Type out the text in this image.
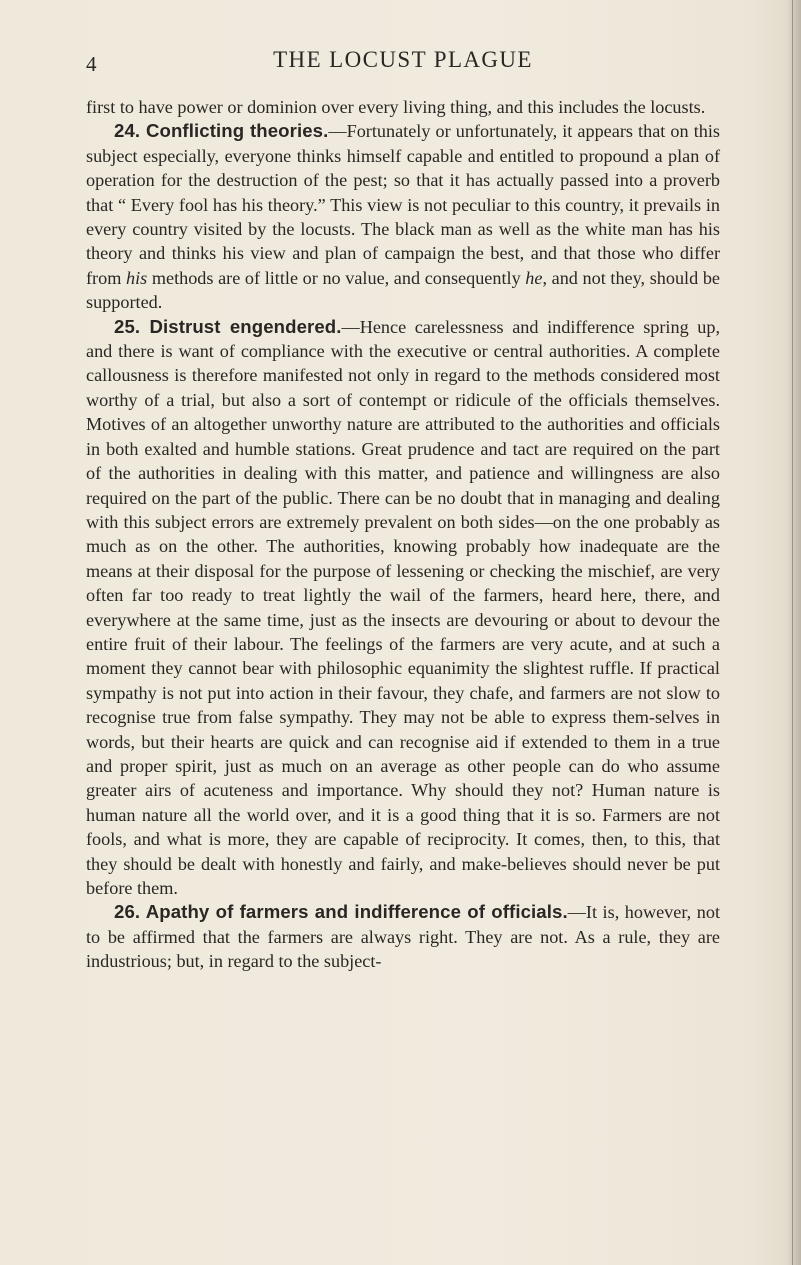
4	THE LOCUST PLAGUE

first to have power or dominion over every living thing, and this includes the locusts.

24. Conflicting theories.—Fortunately or unfortunately, it appears that on this subject especially, everyone thinks himself capable and entitled to propound a plan of operation for the destruction of the pest; so that it has actually passed into a proverb that “ Every fool has his theory.” This view is not peculiar to this country, it prevails in every country visited by the locusts. The black man as well as the white man has his theory and thinks his view and plan of campaign the best, and that those who differ from his methods are of little or no value, and consequently he, and not they, should be supported.

25. Distrust engendered.—Hence carelessness and indifference spring up, and there is want of compliance with the executive or central authorities. A complete callousness is therefore manifested not only in regard to the methods considered most worthy of a trial, but also a sort of contempt or ridicule of the officials themselves. Motives of an altogether unworthy nature are attributed to the authorities and officials in both exalted and humble stations. Great prudence and tact are required on the part of the authorities in dealing with this matter, and patience and willingness are also required on the part of the public. There can be no doubt that in managing and dealing with this subject errors are extremely prevalent on both sides—on the one probably as much as on the other. The authorities, knowing probably how inadequate are the means at their disposal for the purpose of lessening or checking the mischief, are very often far too ready to treat lightly the wail of the farmers, heard here, there, and everywhere at the same time, just as the insects are devouring or about to devour the entire fruit of their labour. The feelings of the farmers are very acute, and at such a moment they cannot bear with philosophic equanimity the slightest ruffle. If practical sympathy is not put into action in their favour, they chafe, and farmers are not slow to recognise true from false sympathy. They may not be able to express them-selves in words, but their hearts are quick and can recognise aid if extended to them in a true and proper spirit, just as much on an average as other people can do who assume greater airs of acuteness and importance. Why should they not? Human nature is human nature all the world over, and it is a good thing that it is so. Farmers are not fools, and what is more, they are capable of reciprocity. It comes, then, to this, that they should be dealt with honestly and fairly, and make-believes should never be put before them.

26. Apathy of farmers and indifference of officials.—It is, however, not to be affirmed that the farmers are always right. They are not. As a rule, they are industrious; but, in regard to the subject-
